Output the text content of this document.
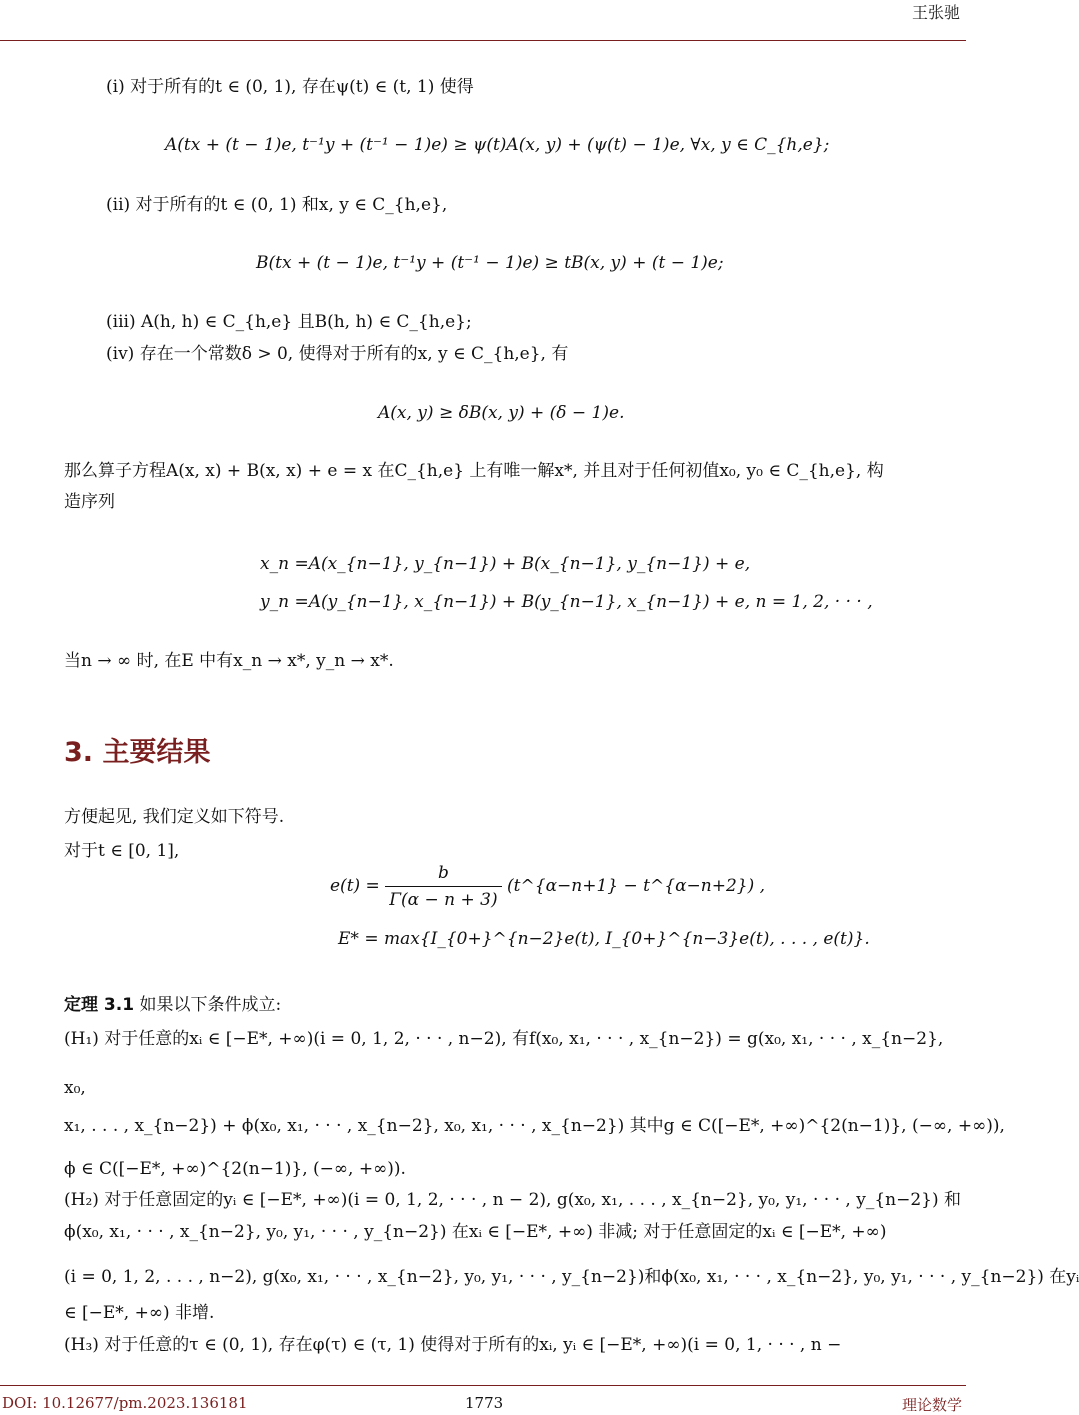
王张驰
(i) 对于所有的t ∈ (0, 1), 存在ψ(t) ∈ (t, 1) 使得
A(tx + (t − 1)e, t⁻¹y + (t⁻¹ − 1)e) ≥ ψ(t)A(x, y) + (ψ(t) − 1)e, ∀x, y ∈ C_{h,e};
(ii) 对于所有的t ∈ (0, 1) 和x, y ∈ C_{h,e},
B(tx + (t − 1)e, t⁻¹y + (t⁻¹ − 1)e) ≥ tB(x, y) + (t − 1)e;
(iii) A(h, h) ∈ C_{h,e} 且B(h, h) ∈ C_{h,e};
(iv) 存在一个常数δ > 0, 使得对于所有的x, y ∈ C_{h,e}, 有
A(x, y) ≥ δB(x, y) + (δ − 1)e.
那么算子方程A(x, x) + B(x, x) + e = x 在C_{h,e} 上有唯一解x*, 并且对于任何初值x₀, y₀ ∈ C_{h,e}, 构
造序列
x_n =A(x_{n−1}, y_{n−1}) + B(x_{n−1}, y_{n−1}) + e,
y_n =A(y_{n−1}, x_{n−1}) + B(y_{n−1}, x_{n−1}) + e, n = 1, 2, · · · ,
当n → ∞ 时, 在E 中有x_n → x*, y_n → x*.
3. 主要结果
方便起见, 我们定义如下符号.
对于t ∈ [0, 1],
$e(t) = \frac{b}{\Gamma(\alpha - n + 3)}$ (t^{α−n+1} − t^{α−n+2}) ,
E* = max{I_{0+}^{n−2}e(t), I_{0+}^{n−3}e(t), . . . , e(t)}.
定理 3.1 如果以下条件成立:
(H₁) 对于任意的xᵢ ∈ [−E*, +∞)(i = 0, 1, 2, · · · , n−2), 有f(x₀, x₁, · · · , x_{n−2}) = g(x₀, x₁, · · · , x_{n−2},
x₀,
x₁, . . . , x_{n−2}) + ϕ(x₀, x₁, · · · , x_{n−2}, x₀, x₁, · · · , x_{n−2}) 其中g ∈ C([−E*, +∞)^{2(n−1)}, (−∞, +∞)),
ϕ ∈ C([−E*, +∞)^{2(n−1)}, (−∞, +∞)).
(H₂) 对于任意固定的yᵢ ∈ [−E*, +∞)(i = 0, 1, 2, · · · , n − 2), g(x₀, x₁, . . . , x_{n−2}, y₀, y₁, · · · , y_{n−2}) 和
ϕ(x₀, x₁, · · · , x_{n−2}, y₀, y₁, · · · , y_{n−2}) 在xᵢ ∈ [−E*, +∞) 非减; 对于任意固定的xᵢ ∈ [−E*, +∞)
(i = 0, 1, 2, . . . , n−2), g(x₀, x₁, · · · , x_{n−2}, y₀, y₁, · · · , y_{n−2})和ϕ(x₀, x₁, · · · , x_{n−2}, y₀, y₁, · · · , y_{n−2}) 在yᵢ
∈ [−E*, +∞) 非增.
(H₃) 对于任意的τ ∈ (0, 1), 存在φ(τ) ∈ (τ, 1) 使得对于所有的xᵢ, yᵢ ∈ [−E*, +∞)(i = 0, 1, · · · , n −
DOI: 10.12677/pm.2023.136181	1773	理论数学
